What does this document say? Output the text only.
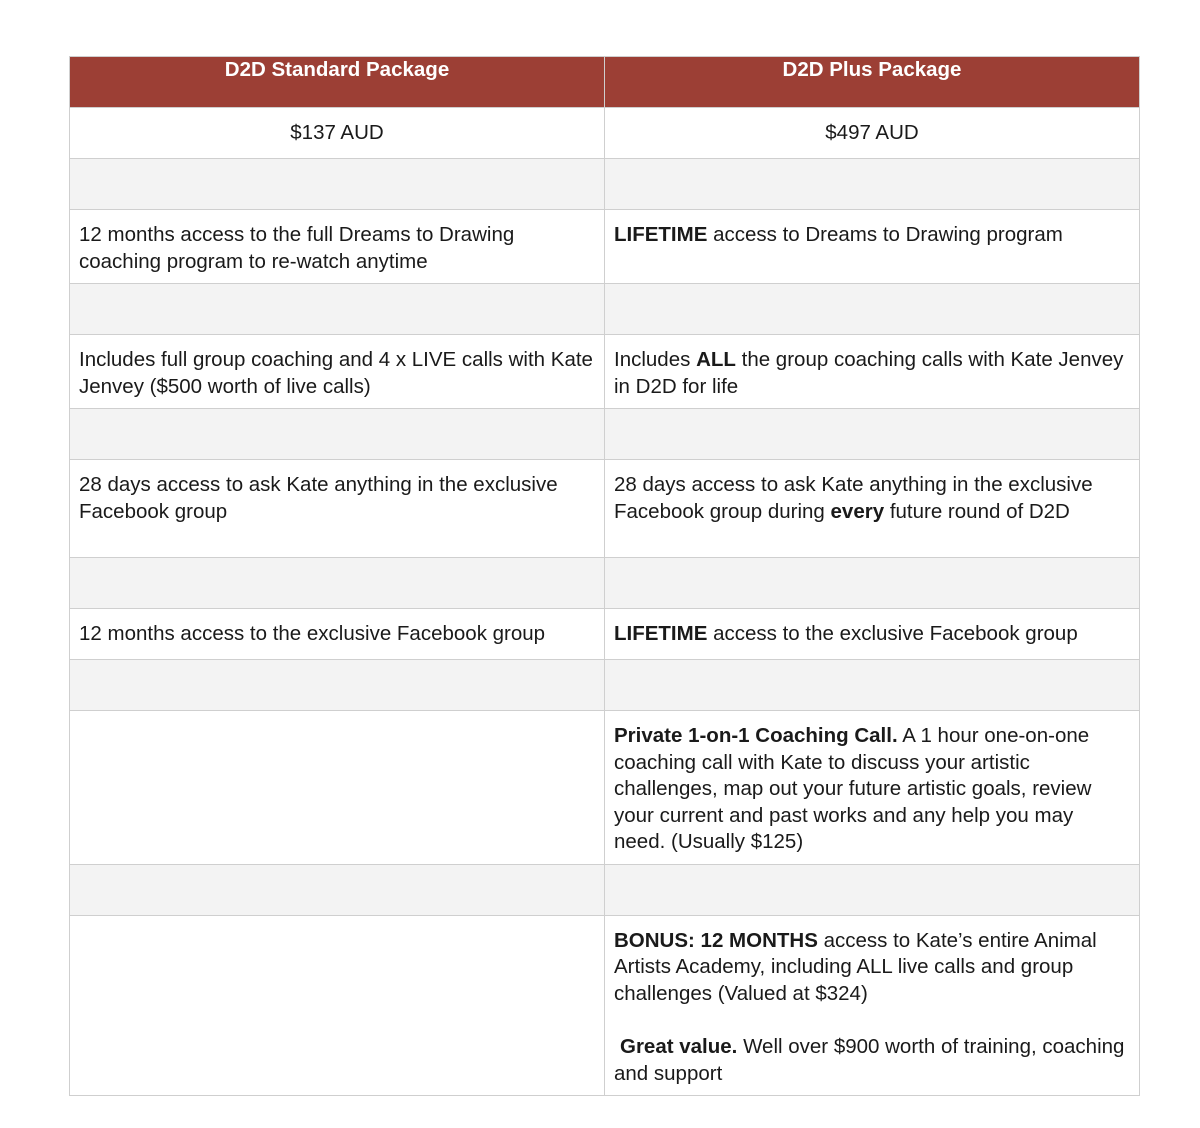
D2D Standard Package	D2D Plus Package
$137 AUD	$497 AUD

12 months access to the full Dreams to Drawing coaching program to re-watch anytime	LIFETIME access to Dreams to Drawing program

Includes full group coaching and 4 x LIVE calls with Kate Jenvey ($500 worth of live calls)	Includes ALL the group coaching calls with Kate Jenvey in D2D for life

28 days access to ask Kate anything in the exclusive Facebook group	28 days access to ask Kate anything in the exclusive Facebook group during every future round of D2D

12 months access to the exclusive Facebook group	LIFETIME access to the exclusive Facebook group

	Private 1-on-1 Coaching Call. A 1 hour one-on-one coaching call with Kate to discuss your artistic challenges, map out your future artistic goals, review your current and past works and any help you may need. (Usually $125)

	BONUS: 12 MONTHS access to Kate’s entire Animal Artists Academy, including ALL live calls and group challenges (Valued at $324)
Great value. Well over $900 worth of training, coaching and support
